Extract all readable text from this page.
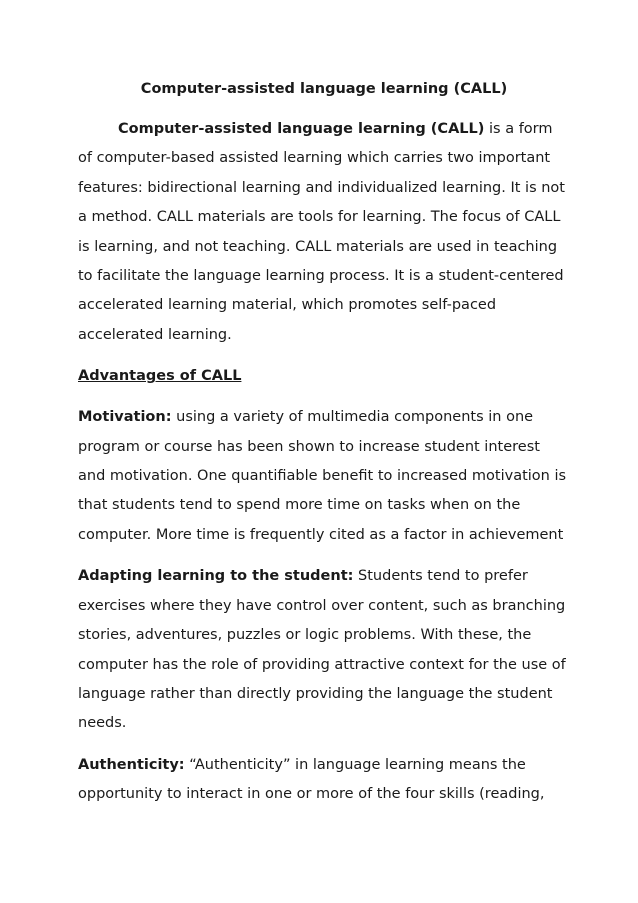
Computer-assisted language learning (CALL)

Computer-assisted language learning (CALL) is a form of computer-based assisted learning which carries two important features: bidirectional learning and individualized learning. It is not a method. CALL materials are tools for learning. The focus of CALL is learning, and not teaching. CALL materials are used in teaching to facilitate the language learning process. It is a student-centered accelerated learning material, which promotes self-paced accelerated learning.

Advantages of CALL

Motivation: using a variety of multimedia components in one program or course has been shown to increase student interest and motivation. One quantifiable benefit to increased motivation is that students tend to spend more time on tasks when on the computer. More time is frequently cited as a factor in achievement

Adapting learning to the student: Students tend to prefer exercises where they have control over content, such as branching stories, adventures, puzzles or logic problems. With these, the computer has the role of providing attractive context for the use of language rather than directly providing the language the student needs.

Authenticity: “Authenticity” in language learning means the opportunity to interact in one or more of the four skills (reading,
